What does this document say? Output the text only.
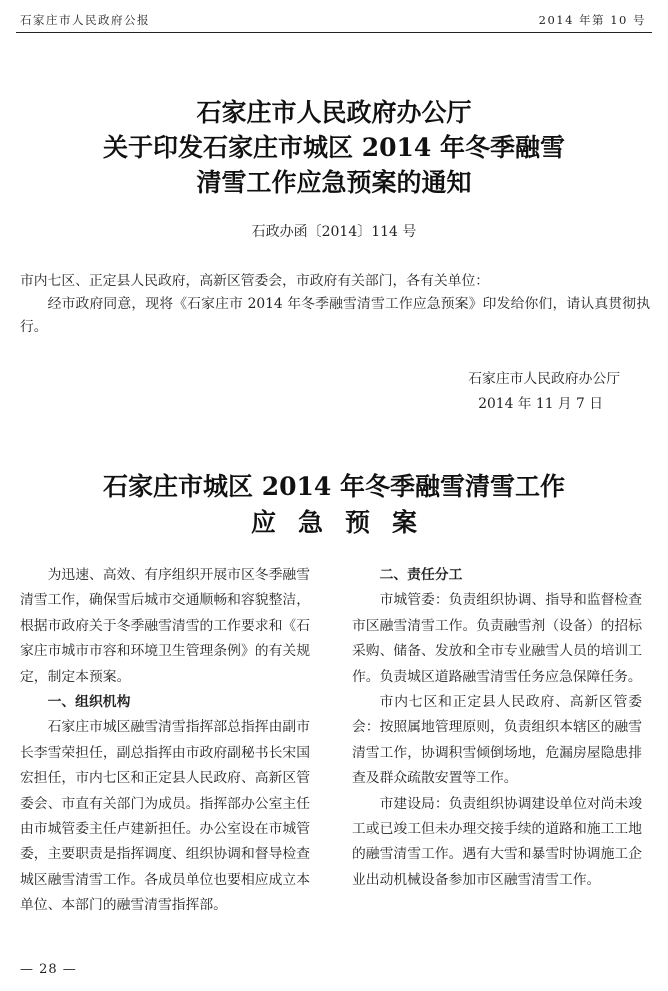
石家庄市人民政府公报	2014 年第 10 号
石家庄市人民政府办公厅
关于印发石家庄市城区 2014 年冬季融雪
清雪工作应急预案的通知
石政办函〔2014〕114 号
市内七区、正定县人民政府，高新区管委会，市政府有关部门，各有关单位：
经市政府同意，现将《石家庄市 2014 年冬季融雪清雪工作应急预案》印发给你们，请认真贯彻执行。
石家庄市人民政府办公厅
2014 年 11 月 7 日
石家庄市城区 2014 年冬季融雪清雪工作
应急预案

为迅速、高效、有序组织开展市区冬季融雪清雪工作，确保雪后城市交通顺畅和容貌整洁，根据市政府关于冬季融雪清雪的工作要求和《石家庄市城市市容和环境卫生管理条例》的有关规定，制定本预案。

一、组织机构

石家庄市城区融雪清雪指挥部总指挥由副市长李雪荣担任，副总指挥由市政府副秘书长宋国宏担任，市内七区和正定县人民政府、高新区管委会、市直有关部门为成员。指挥部办公室主任由市城管委主任卢建新担任。办公室设在市城管委，主要职责是指挥调度、组织协调和督导检查城区融雪清雪工作。各成员单位也要相应成立本单位、本部门的融雪清雪指挥部。

二、责任分工

市城管委：负责组织协调、指导和监督检查市区融雪清雪工作。负责融雪剂（设备）的招标采购、储备、发放和全市专业融雪人员的培训工作。负责城区道路融雪清雪任务应急保障任务。

市内七区和正定县人民政府、高新区管委会：按照属地管理原则，负责组织本辖区的融雪清雪工作，协调积雪倾倒场地，危漏房屋隐患排查及群众疏散安置等工作。

市建设局：负责组织协调建设单位对尚未竣工或已竣工但未办理交接手续的道路和施工工地的融雪清雪工作。遇有大雪和暴雪时协调施工企业出动机械设备参加市区融雪清雪工作。

— 28 —
